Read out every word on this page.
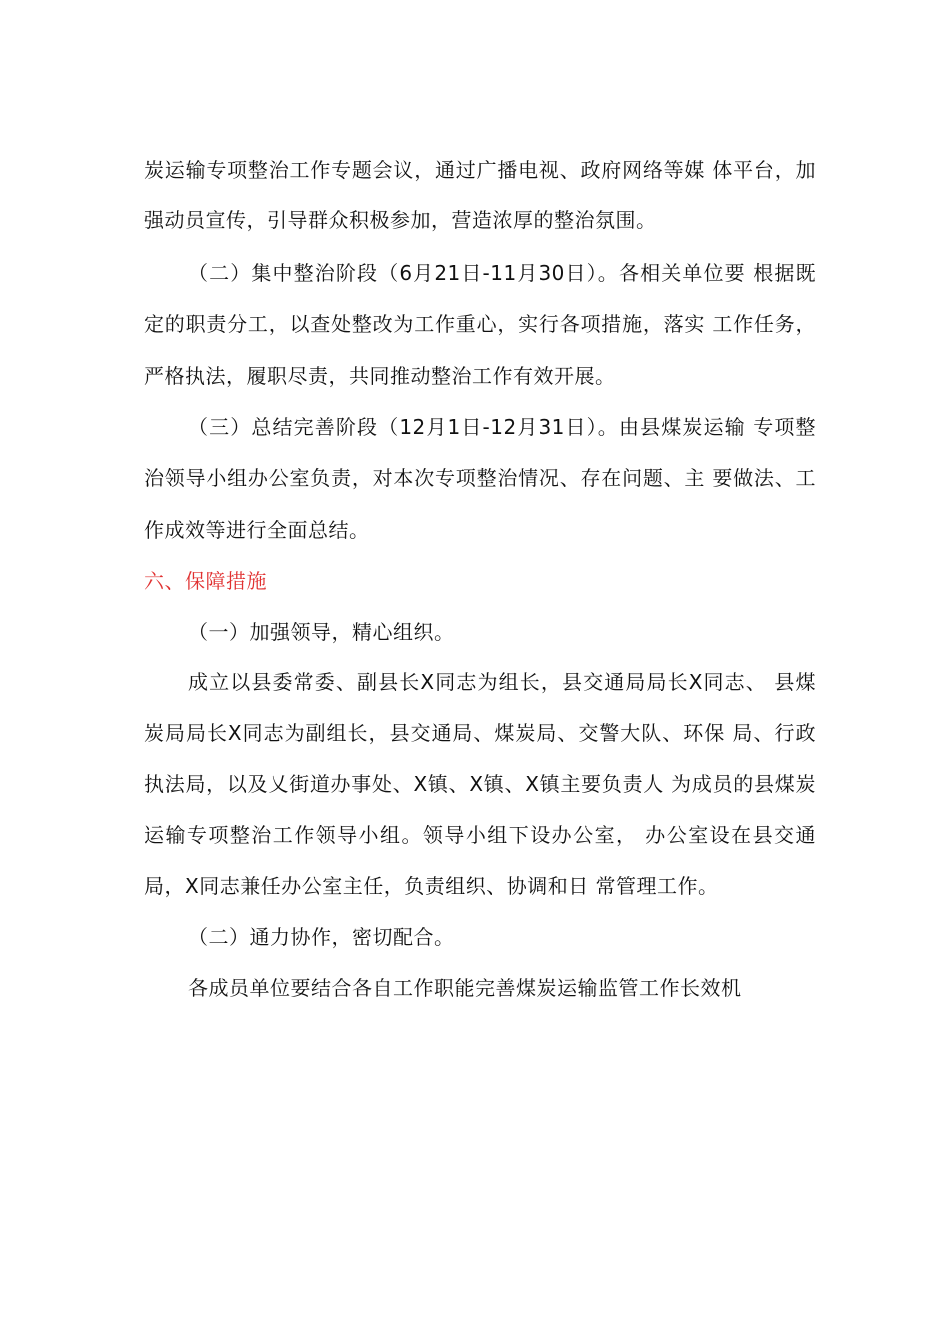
炭运输专项整治工作专题会议，通过广播电视、政府网络等媒 体平台，加
强动员宣传，引导群众积极参加，营造浓厚的整治氛围。
（二）集中整治阶段（6月21日-11月30日）。各相关单位要 根据既
定的职责分工，以查处整改为工作重心，实行各项措施，落实 工作任务，
严格执法，履职尽责，共同推动整治工作有效开展。
（三）总结完善阶段（12月1日-12月31日）。由县煤炭运输 专项整
治领导小组办公室负责，对本次专项整治情况、存在问题、主 要做法、工
作成效等进行全面总结。
六、保障措施
（一）加强领导，精心组织。
成立以县委常委、副县长X同志为组长，县交通局局长X同志、 县煤
炭局局长X同志为副组长，县交通局、煤炭局、交警大队、环保 局、行政
执法局，以及乂街道办事处、X镇、X镇、X镇主要负责人 为成员的县煤炭
运输专项整治工作领导小组。领导小组下设办公室， 办公室设在县交通
局，X同志兼任办公室主任，负责组织、协调和日 常管理工作。
（二）通力协作，密切配合。
各成员单位要结合各自工作职能完善煤炭运输监管工作长效机
